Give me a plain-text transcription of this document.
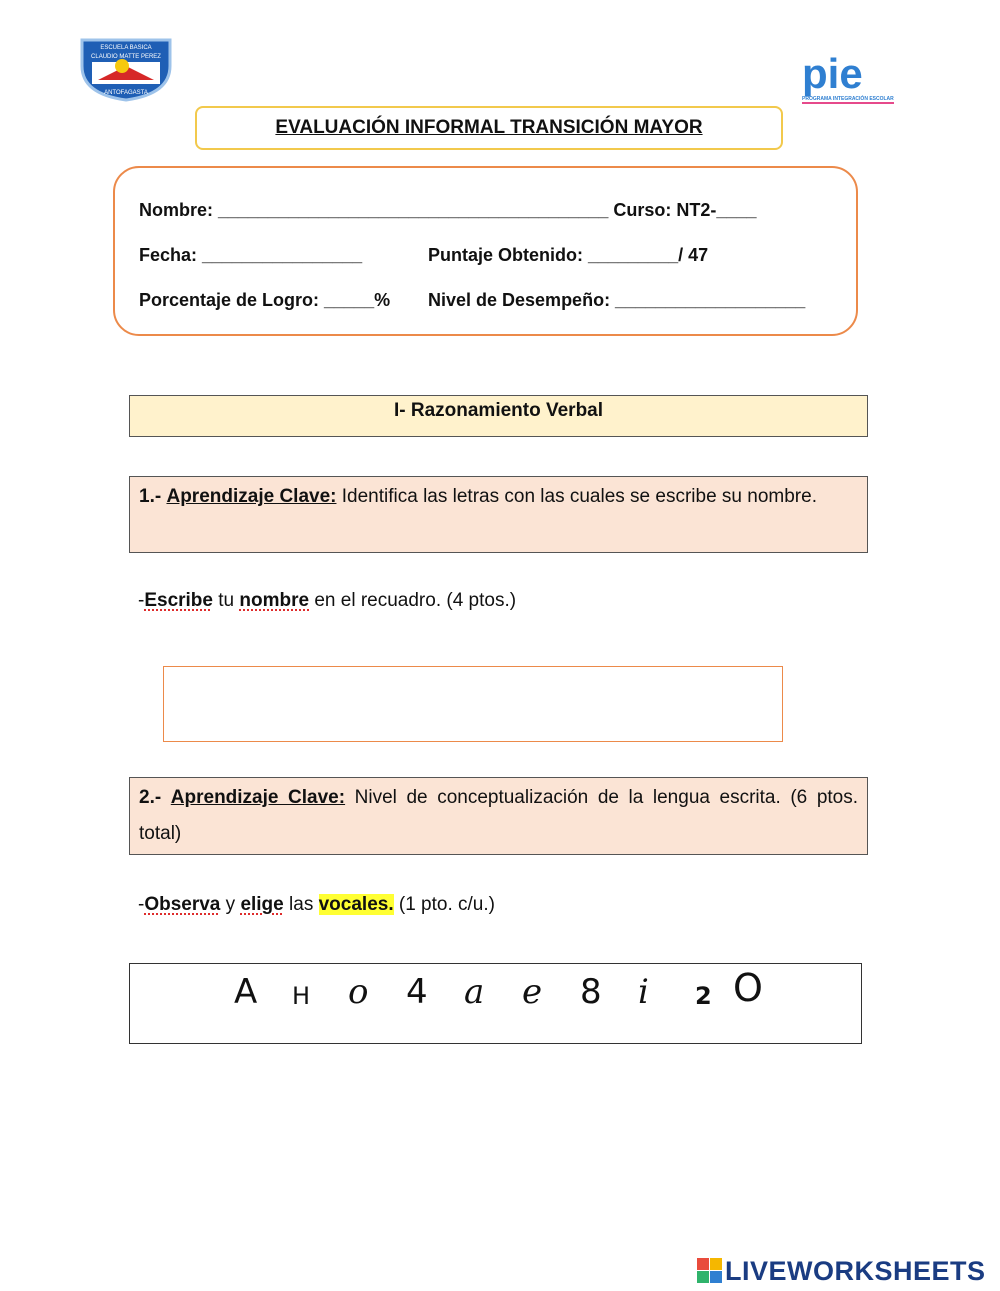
ESCUELA BASICA
CLAUDIO MATTE PEREZ
ANTOFAGASTA	pie
PROGRAMA INTEGRACIÓN ESCOLAR
EVALUACIÓN INFORMAL TRANSICIÓN MAYOR
Nombre: _______________________________________ Curso: NT2-____
Fecha: ________________	Puntaje Obtenido: _________/ 47
Porcentaje de Logro: _____% Nivel de Desempeño: ___________________
I- Razonamiento Verbal
1.- Aprendizaje Clave: Identifica las letras con las cuales se escribe su nombre.
-Escribe tu nombre en el recuadro. (4 ptos.)
2.- Aprendizaje Clave: Nivel de conceptualización de la lengua escrita. (6 ptos. total)
-Observa y elige las vocales. (1 pto. c/u.)
A H o 4 a e 8 i 2 O
LIVEWORKSHEETS
